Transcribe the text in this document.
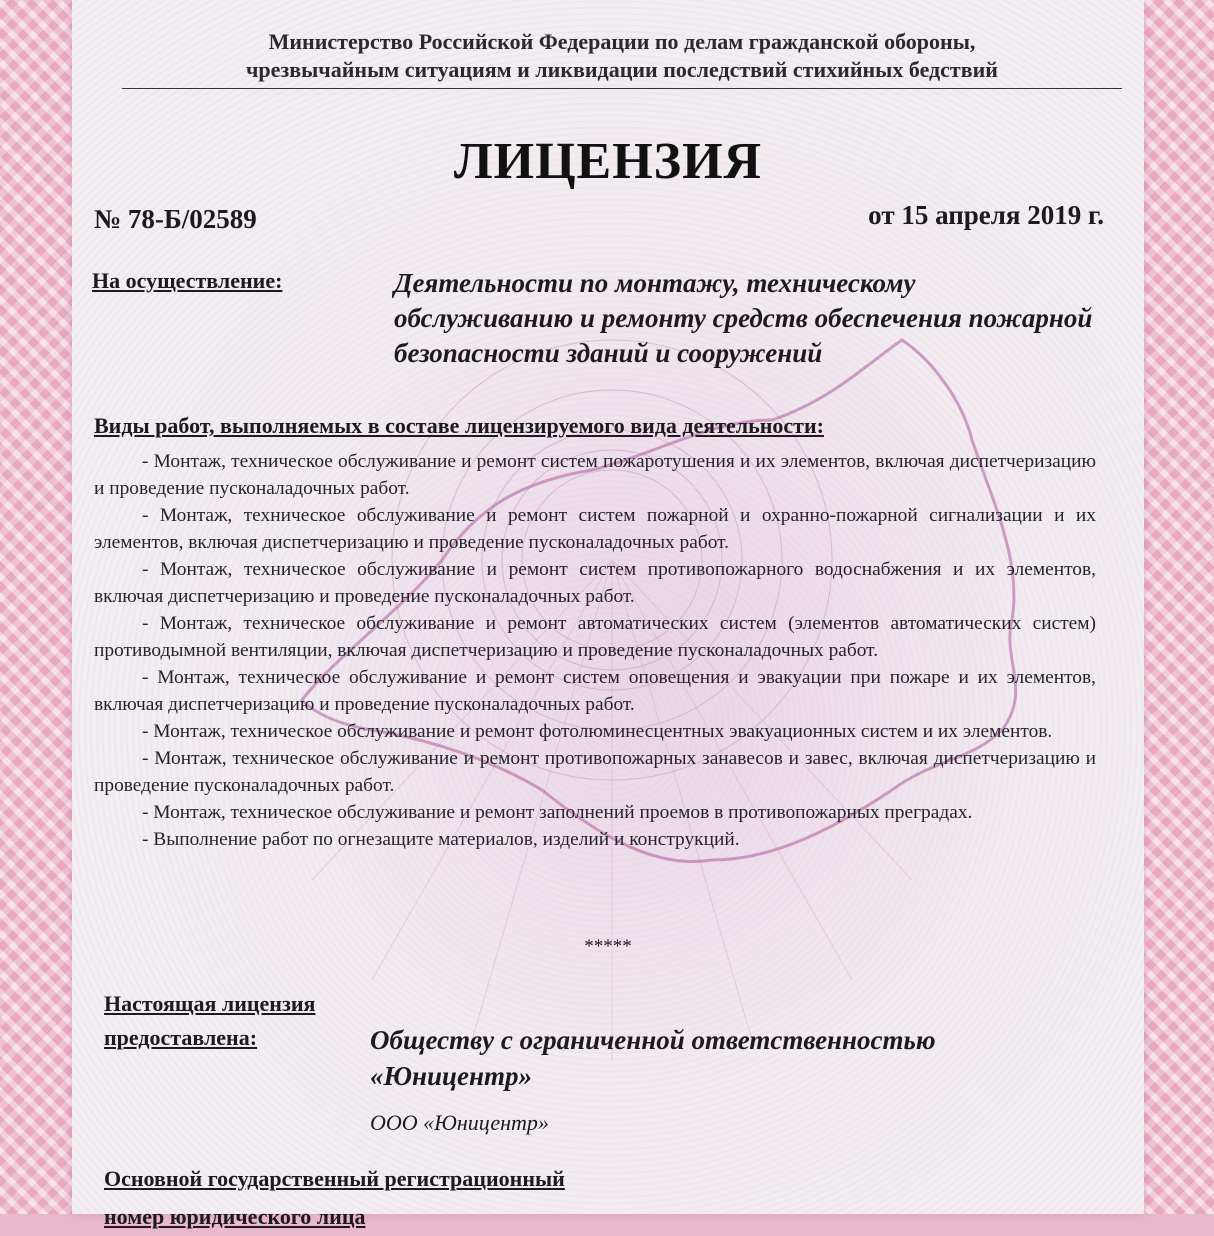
Министерство Российской Федерации по делам гражданской обороны,
чрезвычайным ситуациям и ликвидации последствий стихийных бедствий
ЛИЦЕНЗИЯ
№ 78-Б/02589	от 15 апреля 2019 г.
На осуществление:	Деятельности по монтажу, техническому обслуживанию и ремонту средств обеспечения пожарной безопасности зданий и сооружений
Виды работ, выполняемых в составе лицензируемого вида деятельности:

- Монтаж, техническое обслуживание и ремонт систем пожаротушения и их элементов, включая диспетчеризацию и проведение пусконаладочных работ.

- Монтаж, техническое обслуживание и ремонт систем пожарной и охранно-пожарной сигнализации и их элементов, включая диспетчеризацию и проведение пусконаладочных работ.

- Монтаж, техническое обслуживание и ремонт систем противопожарного водоснабжения и их элементов, включая диспетчеризацию и проведение пусконаладочных работ.

- Монтаж, техническое обслуживание и ремонт автоматических систем (элементов автоматических систем) противодымной вентиляции, включая диспетчеризацию и проведение пусконаладочных работ.

- Монтаж, техническое обслуживание и ремонт систем оповещения и эвакуации при пожаре и их элементов, включая диспетчеризацию и проведение пусконаладочных работ.

- Монтаж, техническое обслуживание и ремонт фотолюминесцентных эвакуационных систем и их элементов.

- Монтаж, техническое обслуживание и ремонт противопожарных занавесов и завес, включая диспетчеризацию и проведение пусконаладочных работ.

- Монтаж, техническое обслуживание и ремонт заполнений проемов в противопожарных преградах.

- Выполнение работ по огнезащите материалов, изделий и конструкций.

*****
Настоящая лицензия
предоставлена:	Обществу с ограниченной ответственностью
«Юницентр»
ООО «Юницентр»
Основной государственный регистрационный
номер юридического лица
